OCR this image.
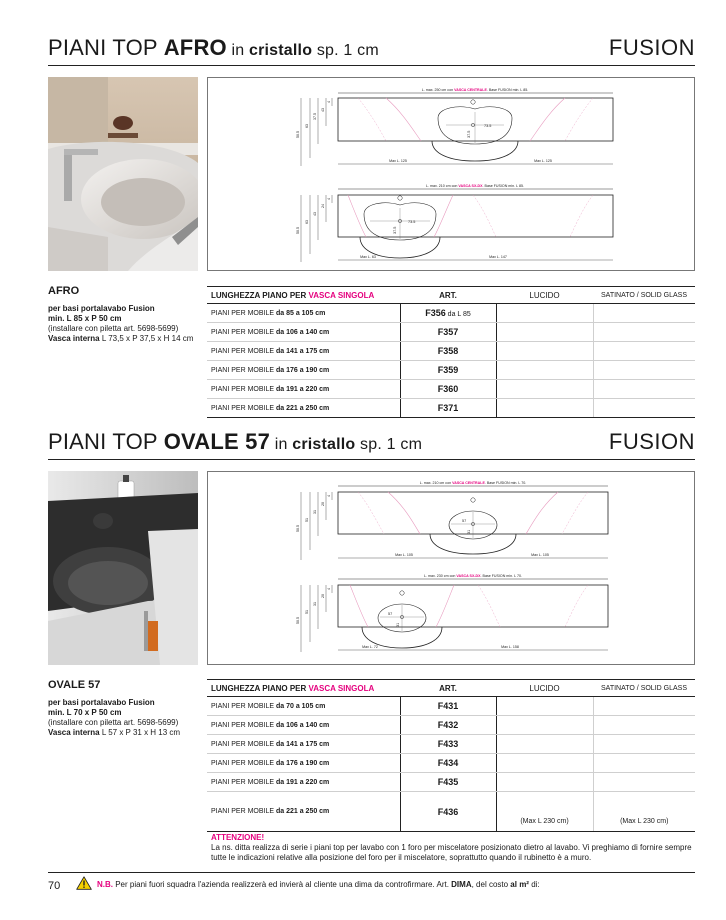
PIANI TOP AFRO in cristallo sp. 1 cm	FUSION
L. max. 250 cm con VASCA CENTRALE. Base FUSION min. L 85.
73.5
37.5
50.5
63
37.5
43
4
Max L. 125	Max L. 125
L. max. 210 cm con VASCA SX-DX. Base FUSION min. L 85.
73.5
37.5
50.5
63
43
24
4
Max L. 63	Max L. 147
AFRO
per basi portalavabo Fusion
min. L 85 x P 50 cm
(installare con piletta art. 5698-5699)
Vasca interna L 73,5 x P 37,5 x H 14 cm
LUNGHEZZA PIANO PER VASCA SINGOLA	ART.	LUCIDO	SATINATO / SOLID GLASS
PIANI PER MOBILE da 85 a 105 cm	F356 da L 85		
PIANI PER MOBILE da 106 a 140 cm	F357		
PIANI PER MOBILE da 141 a 175 cm	F358		
PIANI PER MOBILE da 176 a 190 cm	F359		
PIANI PER MOBILE da 191 a 220 cm	F360		
PIANI PER MOBILE da 221 a 250 cm	F371		
PIANI TOP OVALE 57 in cristallo sp. 1 cm	FUSION
L. max. 210 cm con VASCA CENTRALE. Base FUSION min. L 70.
57
31
50.5
51
31
20
4
Max L. 105	Max L. 105
L. max. 230 cm con VASCA SX-DX. Base FUSION min. L 70.
57
31
50.5
51
31
20
4
Max L. 72	Max L. 158
OVALE 57
per basi portalavabo Fusion
min. L 70 x P 50 cm
(installare con piletta art. 5698-5699)
Vasca interna L 57 x P 31 x H 13 cm
LUNGHEZZA PIANO PER VASCA SINGOLA	ART.	LUCIDO	SATINATO / SOLID GLASS
PIANI PER MOBILE da 70 a 105 cm	F431		
PIANI PER MOBILE da 106 a 140 cm	F432		
PIANI PER MOBILE da 141 a 175 cm	F433		
PIANI PER MOBILE da 176 a 190 cm	F434		
PIANI PER MOBILE da 191 a 220 cm	F435		
PIANI PER MOBILE da 221 a 250 cm	F436	(Max L 230 cm)	(Max L 230 cm)
ATTENZIONE!
La ns. ditta realizza di serie i piani top per lavabo con 1 foro per miscelatore posizionato dietro al lavabo. Vi preghiamo di fornire sempre tutte le indicazioni relative alla posizione del foro per il miscelatore, soprattutto quando il rubinetto è a muro.
70	N.B. Per piani fuori squadra l'azienda realizzerà ed invierà al cliente una dima da controfirmare. Art. DIMA, del costo al m² di:
